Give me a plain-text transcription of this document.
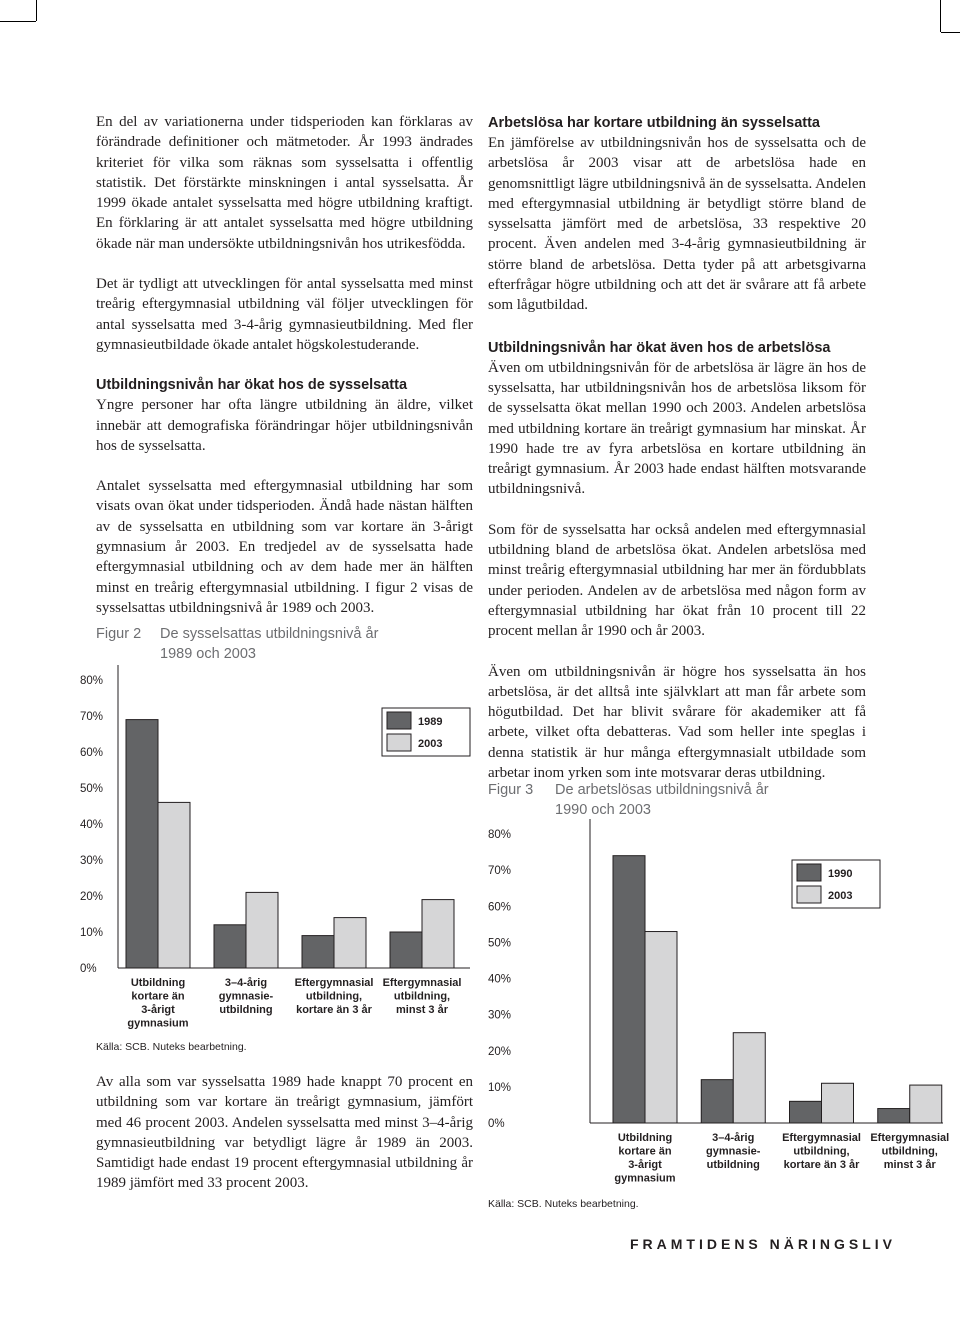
En del av variationerna under tidsperioden kan förklaras av förändrade definitioner och mätmetoder. År 1993 ändrades kriteriet för vilka som räknas som sysselsatta i offentlig statistik. Det förstärkte minskningen i antal sysselsatta. År 1999 ökade antalet sysselsatta med högre utbildning kraftigt. En förklaring är att antalet sysselsatta med högre utbildning ökade när man undersökte utbildningsnivån hos utrikesfödda.

Det är tydligt att utvecklingen för antal sysselsatta med minst treårig eftergymnasial utbildning väl följer utvecklingen för antal sysselsatta med 3-4-årig gymnasieutbildning. Med fler gymnasieutbildade ökade antalet högskolestuderande.

Utbildningsnivån har ökat hos de sysselsatta

Yngre personer har ofta längre utbildning än äldre, vilket innebär att demografiska förändringar höjer utbildningsnivån hos de sysselsatta.

Antalet sysselsatta med eftergymnasial utbildning har som visats ovan ökat under tidsperioden. Ändå hade nästan hälften av de sysselsatta en utbildning som var kortare än 3-årigt gymnasium år 2003. En tredjedel av de sysselsatta hade eftergymnasial utbildning och av dem hade mer än hälften minst en treårig eftergymnasial utbildning. I figur 2 visas de sysselsattas utbildningsnivå år 1989 och 2003.

Figur 2 De sysselsattas utbildningsnivå år 1989 och 2003
0%
10%
20%
30%
40%
50%
60%
70%
80%
Utbildning
kortare än
3-årigt
gymnasium
3–4-årig
gymnasie-
utbildning
Eftergymnasial
utbildning,
kortare än 3 år
Eftergymnasial
utbildning,
minst 3 år
1989
2003
Källa: SCB. Nuteks bearbetning.

Av alla som var sysselsatta 1989 hade knappt 70 procent en utbildning som var kortare än treårigt gymnasium, jämfört med 46 procent 2003. Andelen sysselsatta med minst 3–4-årig gymnasieutbildning var betydligt lägre år 1989 än 2003. Samtidigt hade endast 19 procent eftergymnasial utbildning år 1989 jämfört med 33 procent 2003.

Arbetslösa har kortare utbildning än sysselsatta

En jämförelse av utbildningsnivån hos de sysselsatta och de arbetslösa år 2003 visar att de arbetslösa hade en genomsnittligt lägre utbildningsnivå än de sysselsatta. Andelen med eftergymnasial utbildning är betydligt större bland de sysselsatta jämfört med de arbetslösa, 33 respektive 20 procent. Även andelen med 3-4-årig gymnasieutbildning är större bland de arbetslösa. Detta tyder på att arbetsgivarna efterfrågar högre utbildning och att det är svårare att få arbete som lågutbildad.

Utbildningsnivån har ökat även hos de arbetslösa

Även om utbildningsnivån för de arbetslösa är lägre än hos de sysselsatta, har utbildningsnivån hos de arbetslösa liksom för de sysselsatta ökat mellan 1990 och 2003. Andelen arbetslösa med utbildning kortare än treårigt gymnasium har minskat. År 1990 hade tre av fyra arbetslösa en kortare utbildning än treårigt gymnasium. År 2003 hade endast hälften motsvarande utbildningsnivå.

Som för de sysselsatta har också andelen med eftergymnasial utbildning bland de arbetslösa ökat. Andelen arbetslösa med minst treårig eftergymnasial utbildning har mer än fördubblats under perioden. Andelen av de arbetslösa med någon form av eftergymnasial utbildning har ökat från 10 procent till 22 procent mellan år 1990 och år 2003.

Även om utbildningsnivån är högre hos sysselsatta än hos arbetslösa, är det alltså inte självklart att man får arbete som högutbildad. Det har blivit svårare för akademiker att få arbete, vilket ofta debatteras. Vad som heller inte speglas i denna statistik är hur många eftergymnasialt utbildade som arbetar inom yrken som inte motsvarar deras utbildning.

Figur 3 De arbetslösas utbildningsnivå år 1990 och 2003
0%
10%
20%
30%
40%
50%
60%
70%
80%
Utbildning
kortare än
3-årigt
gymnasium
3–4-årig
gymnasie-
utbildning
Eftergymnasial
utbildning,
kortare än 3 år
Eftergymnasial
utbildning,
minst 3 år
1990
2003
Källa: SCB. Nuteks bearbetning.
FRAMTIDENS NÄRINGSLIV
